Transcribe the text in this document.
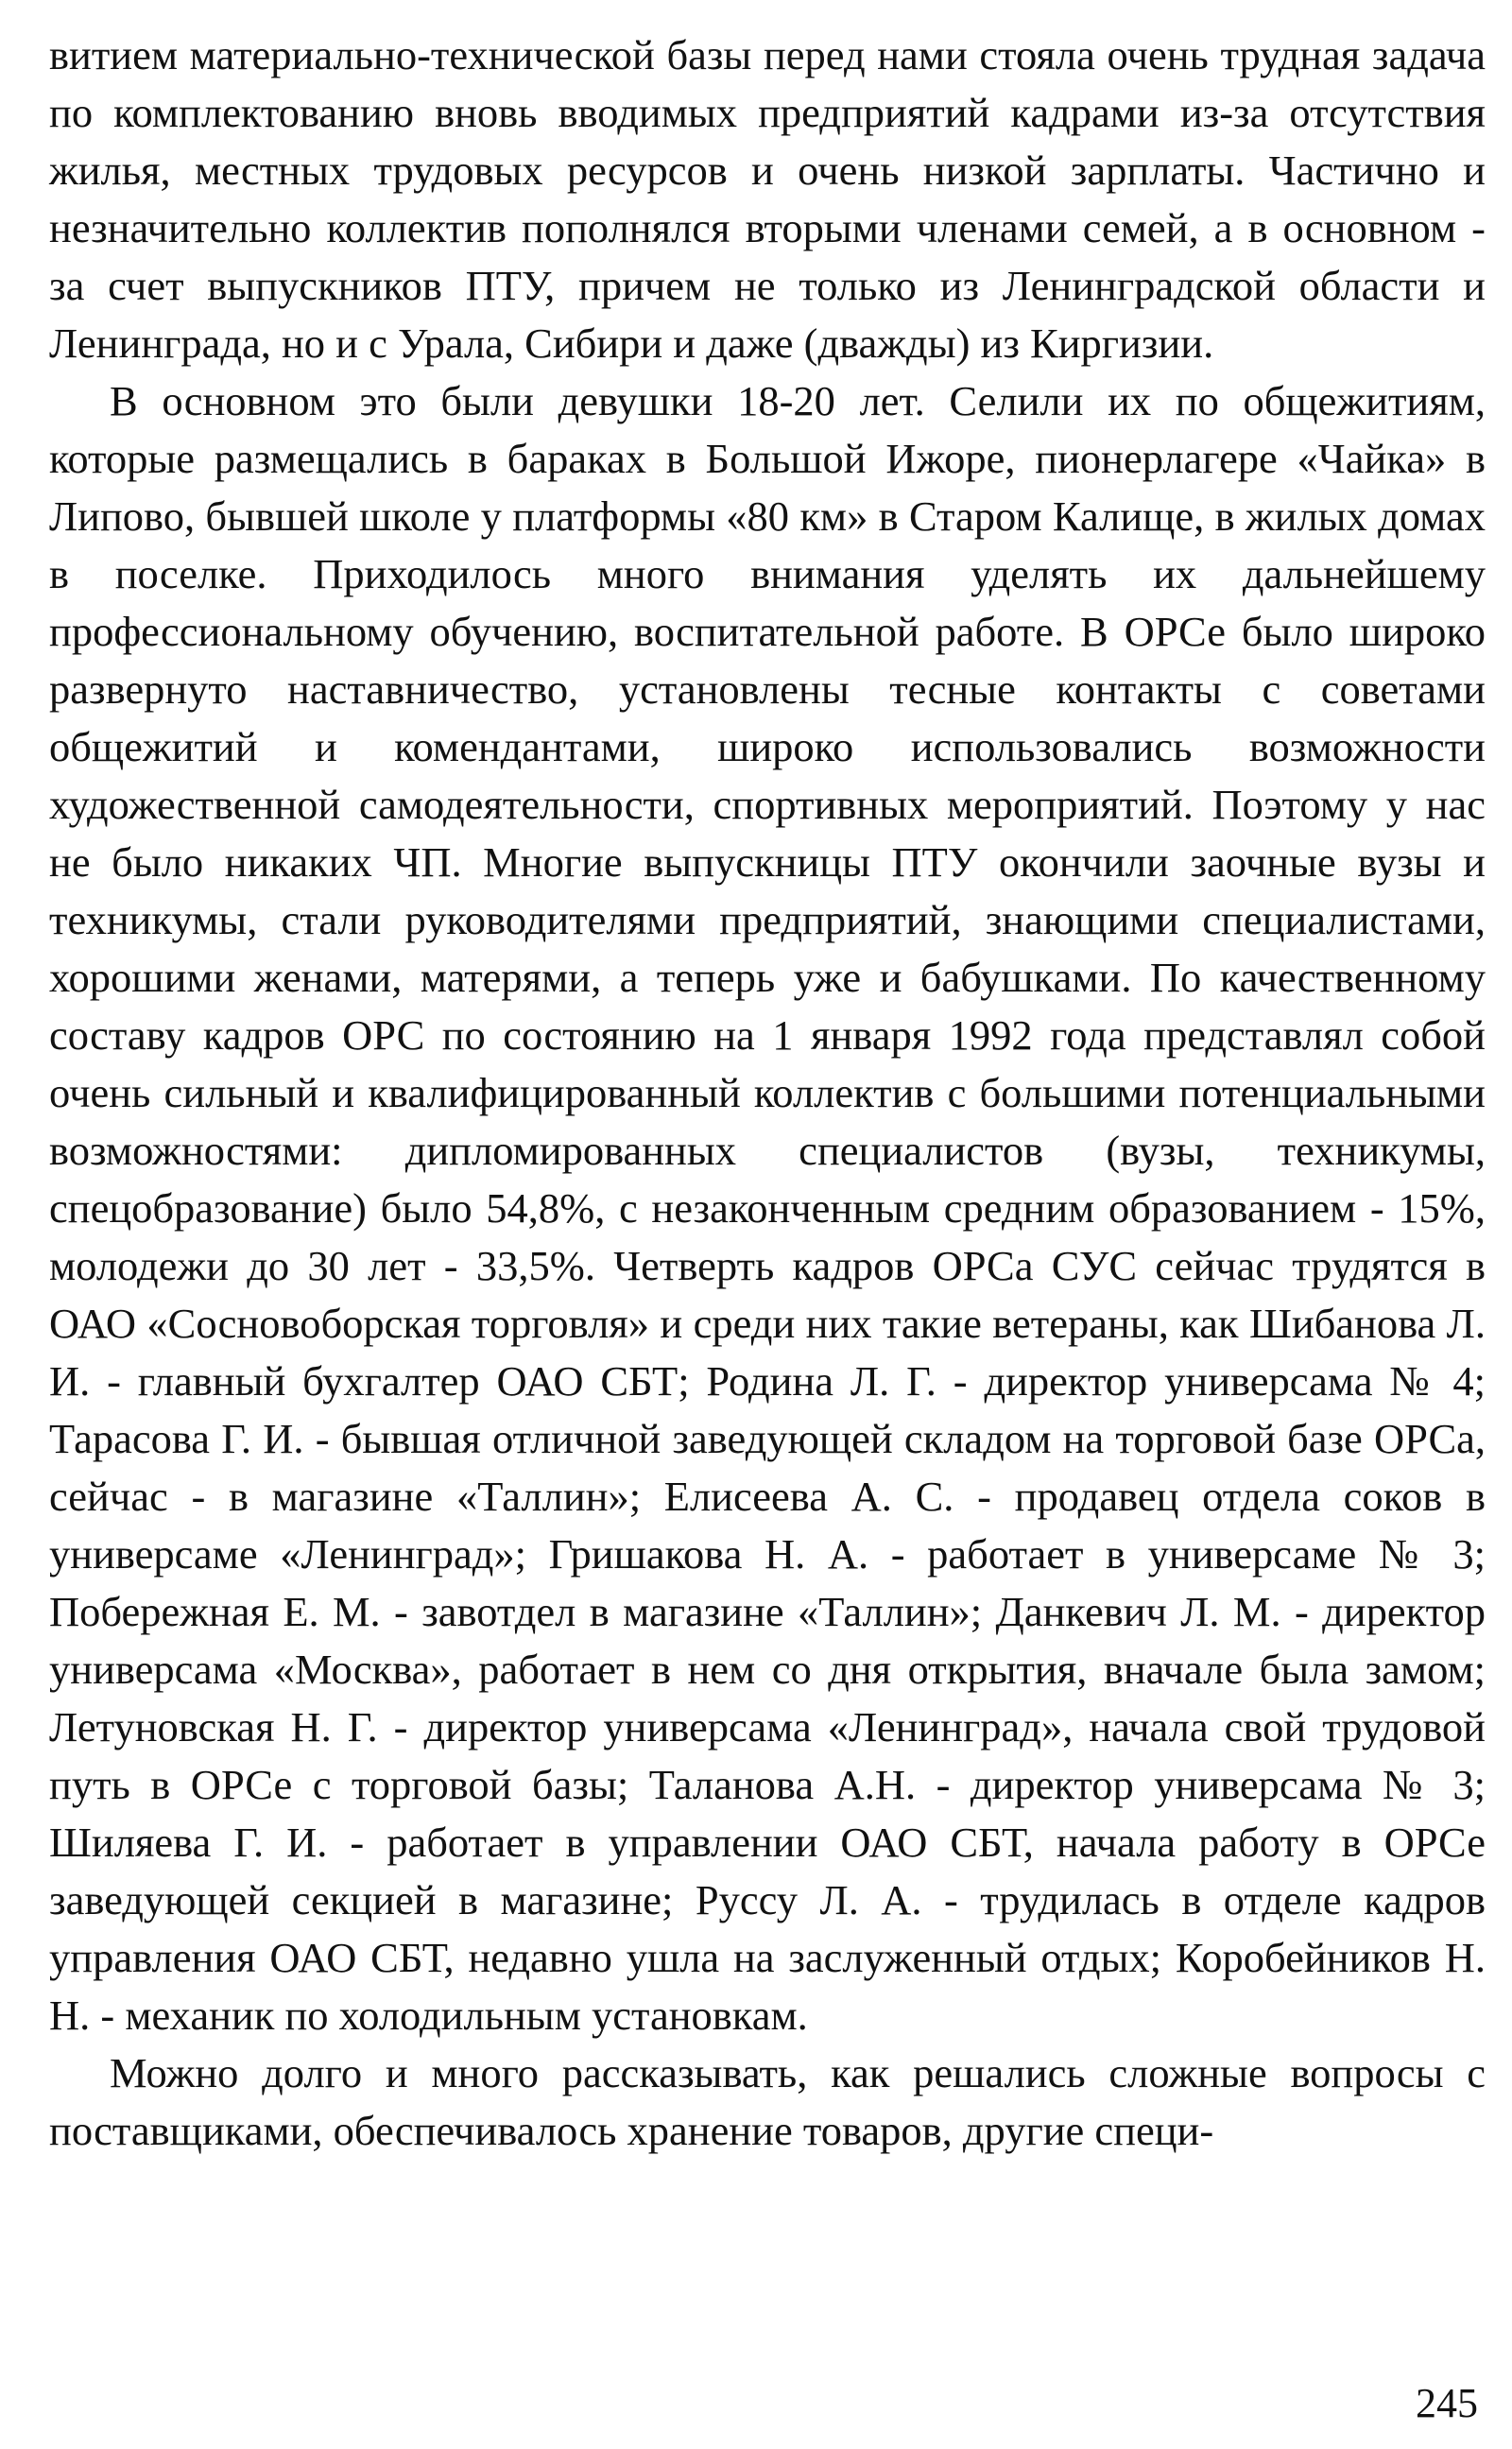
витием материально-технической базы перед нами стояла очень трудная задача по комплектованию вновь вводимых предприятий кадрами из-за отсутствия жилья, местных трудовых ресурсов и очень низкой зарплаты. Частично и незначительно коллектив пополнялся вторыми членами семей, а в основном - за счет выпускников ПТУ, причем не только из Ленинградской области и Ленинграда, но и с Урала, Сибири и даже (дважды) из Киргизии.

В основном это были девушки 18-20 лет. Селили их по общежитиям, которые размещались в бараках в Большой Ижоре, пионерлагере «Чайка» в Липово, бывшей школе у платформы «80 км» в Старом Калище, в жилых домах в поселке. Приходилось много внимания уделять их дальнейшему профессиональному обучению, воспитательной работе. В ОРСе было широко развернуто наставничество, установлены тесные контакты с советами общежитий и комендантами, широко использовались возможности художественной самодеятельности, спортивных мероприятий. Поэтому у нас не было никаких ЧП. Многие выпускницы ПТУ окончили заочные вузы и техникумы, стали руководителями предприятий, знающими специалистами, хорошими женами, матерями, а теперь уже и бабушками. По качественному составу кадров ОРС по состоянию на 1 января 1992 года представлял собой очень сильный и квалифицированный коллектив с большими потенциальными возможностями: дипломированных специалистов (вузы, техникумы, спецобразование) было 54,8%, с незаконченным средним образованием - 15%, молодежи до 30 лет - 33,5%. Четверть кадров ОРСа СУС сейчас трудятся в ОАО «Сосновоборская торговля» и среди них такие ветераны, как Шибанова Л. И. - главный бухгалтер ОАО СБТ; Родина Л. Г. - директор универсама № 4; Тарасова Г. И. - бывшая отличной заведующей складом на торговой базе ОРСа, сейчас - в магазине «Таллин»; Елисеева А. С. - продавец отдела соков в универсаме «Ленинград»; Гришакова Н. А. - работает в универсаме № 3; Побережная Е. М. - завотдел в магазине «Таллин»; Данкевич Л. М. - директор универсама «Москва», работает в нем со дня открытия, вначале была замом; Летуновская Н. Г. - директор универсама «Ленинград», начала свой трудовой путь в ОРСе с торговой базы; Таланова А.Н. - директор универсама № 3; Шиляева Г. И. - работает в управлении ОАО СБТ, начала работу в ОРСе заведующей секцией в магазине; Руссу Л. А. - трудилась в отделе кадров управления ОАО СБТ, недавно ушла на заслуженный отдых; Коробейников Н. Н. - механик по холодильным установкам.

Можно долго и много рассказывать, как решались сложные вопросы с поставщиками, обеспечивалось хранение товаров, другие специ-

245
